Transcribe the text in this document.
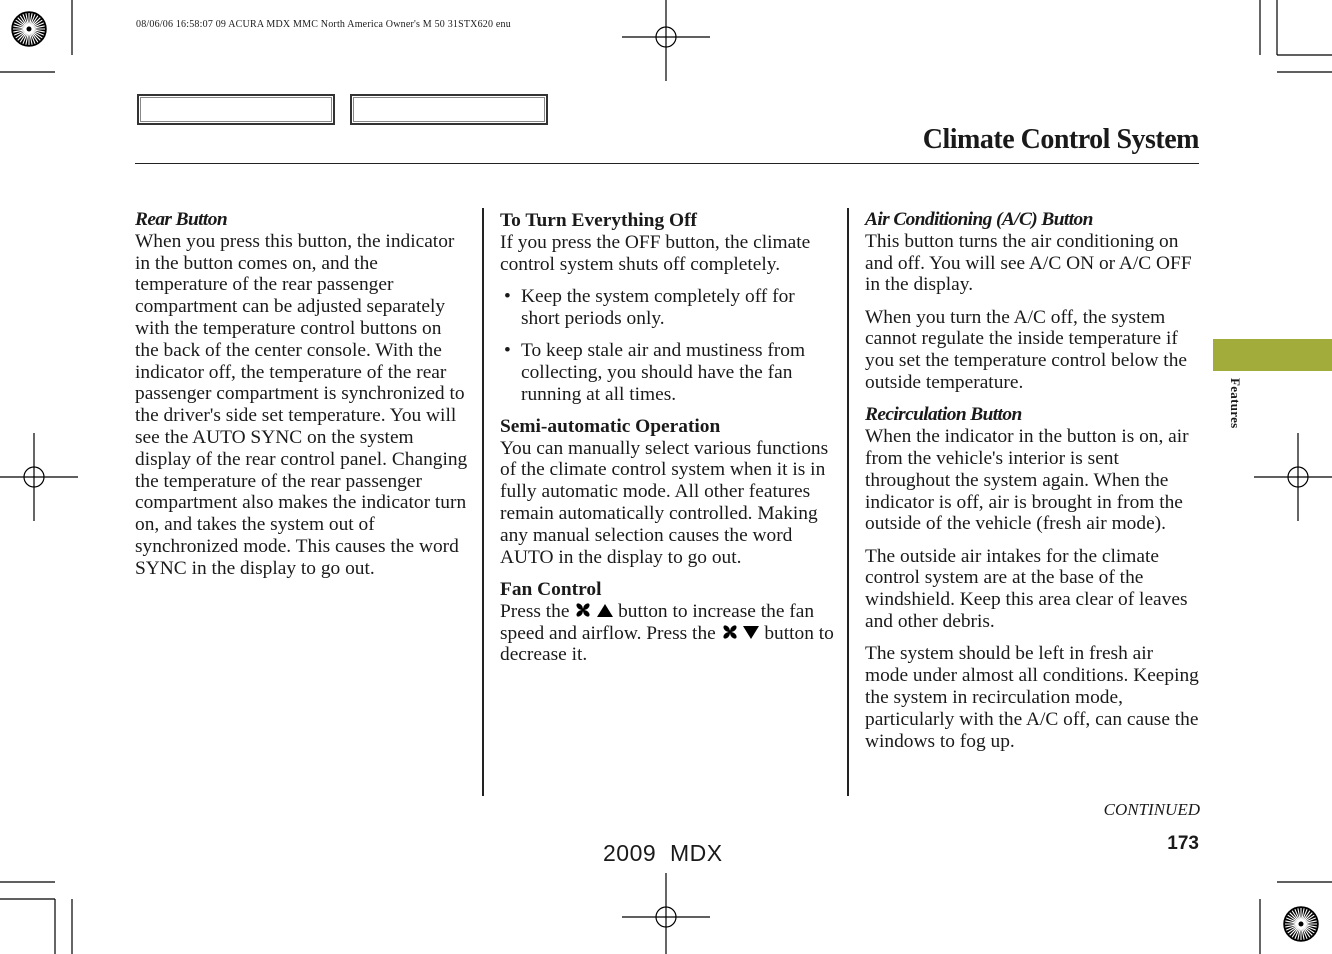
08/06/06 16:58:07 09 ACURA MDX MMC North America Owner's M 50 31STX620 enu
Climate Control System
Features

Rear Button
When you press this button, the indicator in the button comes on, and the temperature of the rear passenger compartment can be adjusted separately with the temperature control buttons on the back of the center console. With the indicator off, the temperature of the rear passenger compartment is synchronized to the driver's side set temperature. You will see the AUTO SYNC on the system display of the rear control panel. Changing the temperature of the rear passenger compartment also makes the indicator turn on, and takes the system out of synchronized mode. This causes the word SYNC in the display to go out.

To Turn Everything Off
If you press the OFF button, the climate control system shuts off completely.

• Keep the system completely off for short periods only.
• To keep stale air and mustiness from collecting, you should have the fan running at all times.

Semi-automatic Operation
You can manually select various functions of the climate control system when it is in fully automatic mode. All other features remain automatically controlled. Making any manual selection causes the word AUTO in the display to go out.

Fan Control
Press the	button to increase the fan speed and airflow. Press the	button to decrease it.

Air Conditioning (A/C) Button
This button turns the air conditioning on and off. You will see A/C ON or A/C OFF in the display.

When you turn the A/C off, the system cannot regulate the inside temperature if you set the temperature control below the outside temperature.

Recirculation Button
When the indicator in the button is on, air from the vehicle's interior is sent throughout the system again. When the indicator is off, air is brought in from the outside of the vehicle (fresh air mode).

The outside air intakes for the climate control system are at the base of the windshield. Keep this area clear of leaves and other debris.

The system should be left in fresh air mode under almost all conditions. Keeping the system in recirculation mode, particularly with the A/C off, can cause the windows to fog up.

CONTINUED
173
2009  MDX
